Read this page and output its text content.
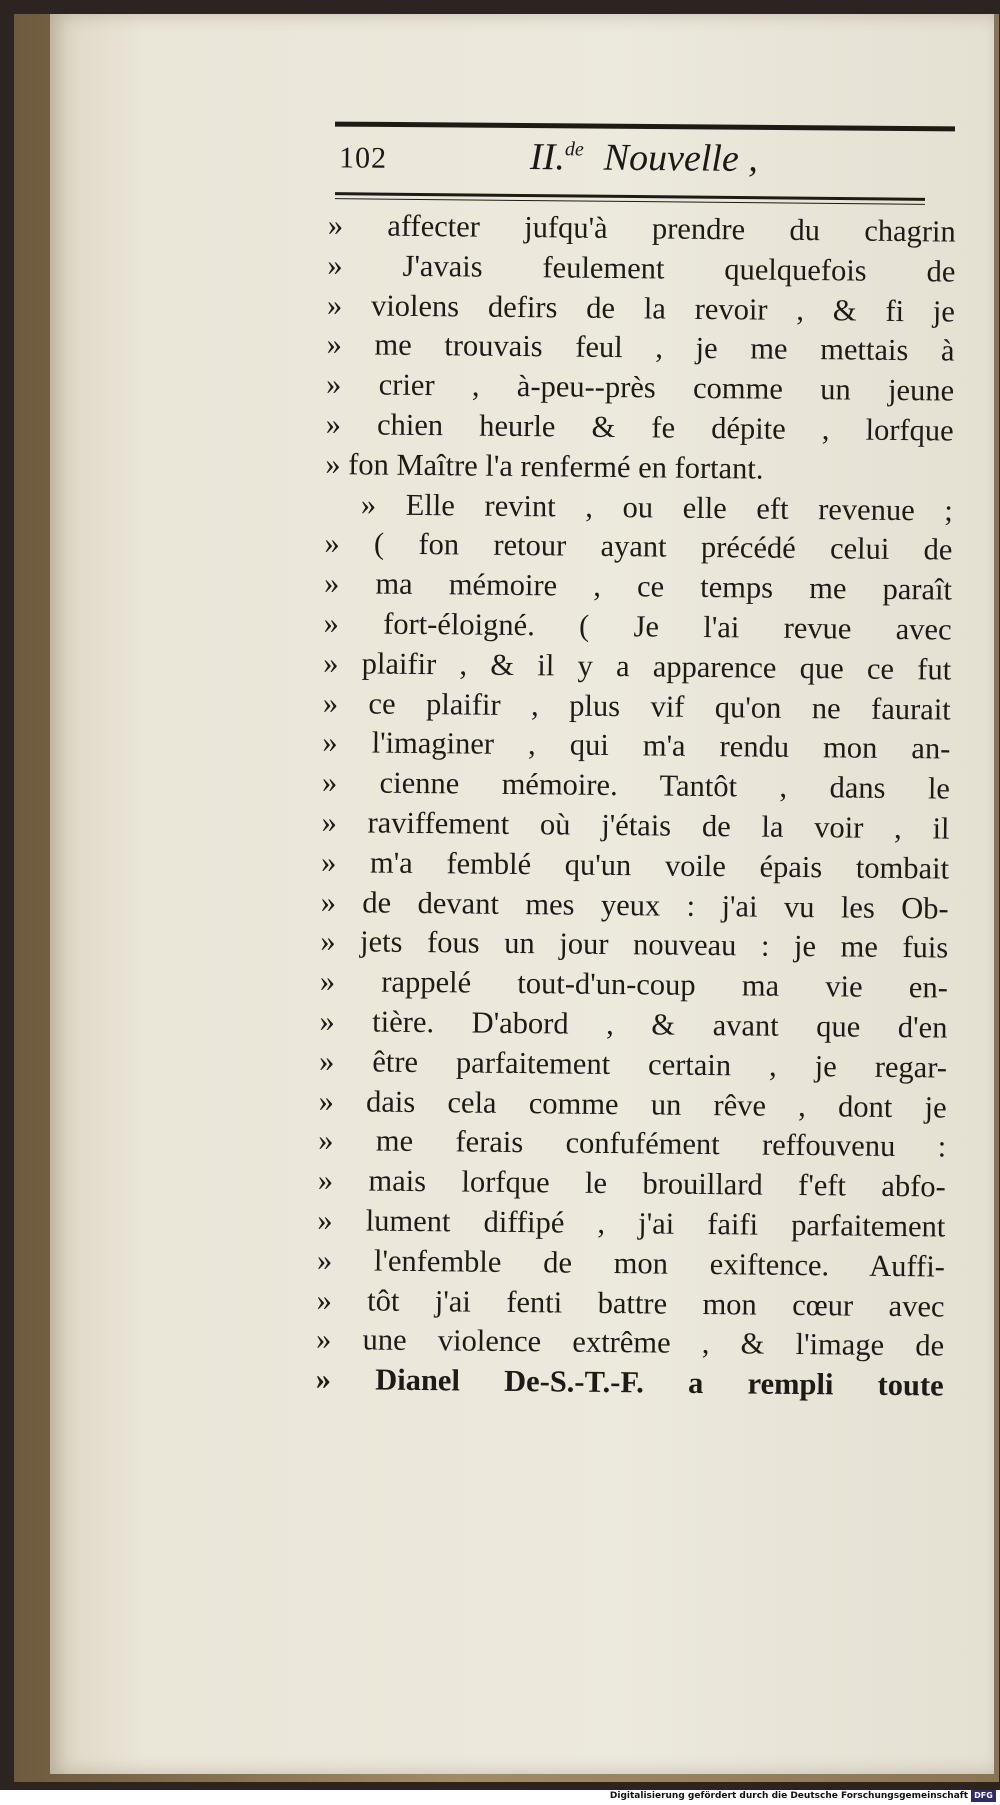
102	II.$^{de}$ Nouvelle ,
» affecter jufqu'à prendre du chagrin
» J'avais feulement quelquefois de
» violens defirs de la revoir , & fi je
» me trouvais feul , je me mettais à
» crier , à-peu--près comme un jeune
» chien heurle & fe dépite , lorfque
» fon Maître l'a renfermé en fortant.
» Elle revint , ou elle eft revenue ;
» ( fon retour ayant précédé celui de
» ma mémoire , ce temps me paraît
» fort-éloigné. ( Je l'ai revue avec
» plaifir , & il y a apparence que ce fut
» ce plaifir , plus vif qu'on ne faurait
» l'imaginer , qui m'a rendu mon an-
» cienne mémoire. Tantôt , dans le
» raviffement où j'étais de la voir , il
» m'a femblé qu'un voile épais tombait
» de devant mes yeux : j'ai vu les Ob-
» jets fous un jour nouveau : je me fuis
» rappelé tout-d'un-coup ma vie en-
» tière. D'abord , & avant que d'en
» être parfaitement certain , je regar-
» dais cela comme un rêve , dont je
» me ferais confufément reffouvenu :
» mais lorfque le brouillard f'eft abfo-
» lument diffipé , j'ai faifi parfaitement
» l'enfemble de mon exiftence. Auffi-
» tôt j'ai fenti battre mon cœur avec
» une violence extrême , & l'image de
» Dianel De-S.-T.-F. a rempli toute
Digitalisierung gefördert durch die Deutsche Forschungsgemeinschaft DFG
